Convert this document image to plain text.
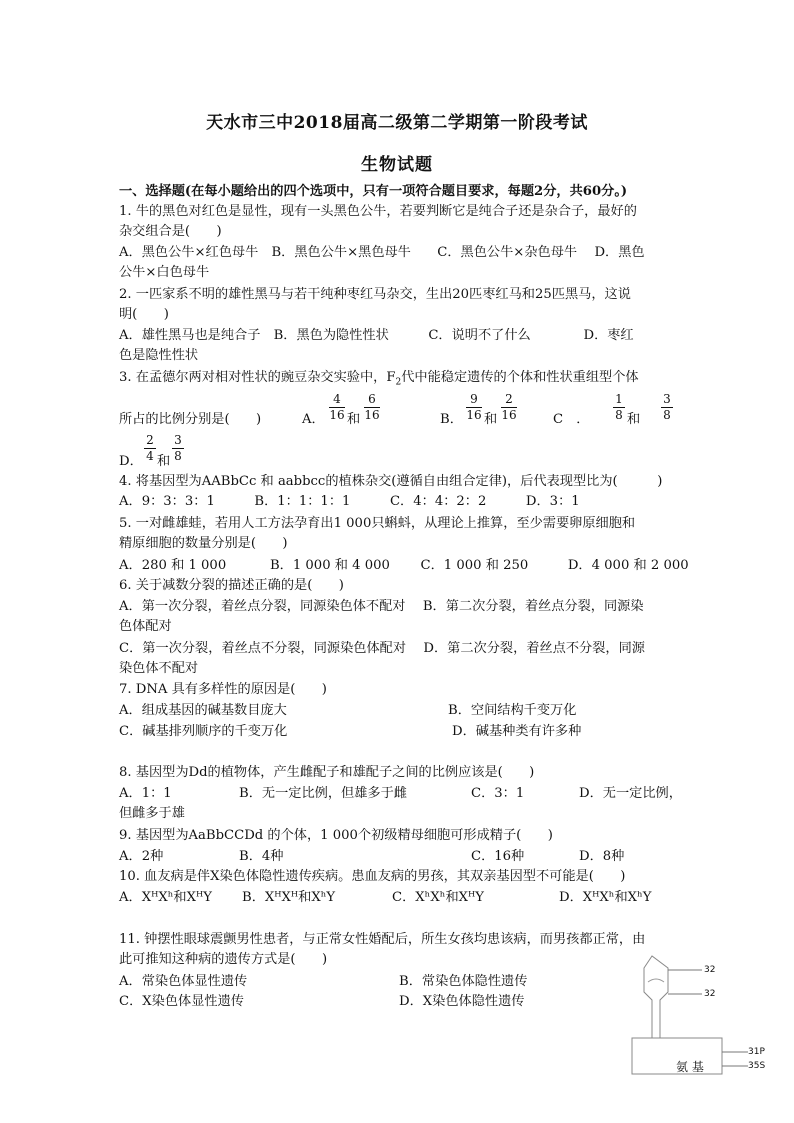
天水市三中2018届高二级第二学期第一阶段考试
生物试题
一、选择题(在每小题给出的四个选项中，只有一项符合题目要求，每题2分，共60分。)
1. 牛的黑色对红色是显性，现有一头黑色公牛，若要判断它是纯合子还是杂合子，最好的
杂交组合是(　　)
A．黑色公牛×红色母牛　B．黑色公牛×黑色母牛　　C．黑色公牛×杂色母牛　 D．黑色
公牛×白色母牛
2. 一匹家系不明的雄性黑马与若干纯种枣红马杂交，生出20匹枣红马和25匹黑马，这说
明(　　)
A．雄性黑马也是纯合子　B．黑色为隐性性状　　　C．说明不了什么　　　　D．枣红
色是隐性性状
3. 在孟德尔两对相对性状的豌豆杂交实验中，$F_2$代中能稳定遗传的个体和性状重组型个体
所占的比例分别是(　　)	A． $\frac{4}{16}$ 和 $\frac{6}{16}$	B． $\frac{9}{16}$ 和 $\frac{2}{16}$	C　． $\frac{1}{8}$ 和 $\frac{3}{8}$
D． $\frac{2}{4}$ 和 $\frac{3}{8}$
4. 将基因型为AABbCc 和 aabbcc的植株杂交(遵循自由组合定律)，后代表现型比为(　　　)
A．9：3：3：1　　　B．1：1：1：1　　　C．4：4：2：2　　　D．3：1
5. 一对雌雄蛙，若用人工方法孕育出1 000只蝌蚪，从理论上推算，至少需要卵原细胞和
精原细胞的数量分别是(　　)
A．280 和 1 000　　　 B．1 000 和 4 000　　 C．1 000 和 250　　　D．4 000 和 2 000
6. 关于减数分裂的描述正确的是(　　)
A．第一次分裂，着丝点分裂，同源染色体不配对　 B．第二次分裂，着丝点分裂，同源染
色体配对
C．第一次分裂，着丝点不分裂，同源染色体配对　 D．第二次分裂，着丝点不分裂，同源
染色体不配对
7. DNA 具有多样性的原因是(　　)
A．组成基因的碱基数目庞大	B．空间结构千变万化
C．碱基排列顺序的千变万化	D．碱基种类有许多种
8. 基因型为Dd的植物体，产生雌配子和雄配子之间的比例应该是(　　)
A．1：1	B．无一定比例，但雄多于雌	C．3：1	D．无一定比例，
但雌多于雄
9. 基因型为AaBbCCDd 的个体，1 000个初级精母细胞可形成精子(　　)
A．2种	B．4种	C．16种	D．8种
10. 血友病是伴X染色体隐性遗传疾病。患血友病的男孩，其双亲基因型不可能是(　　)
A．XᴴXʰ和XᴴY B．XᴴXᴴ和XʰY	C．XʰXʰ和XᴴY	D．XᴴXʰ和XʰY
11. 钟摆性眼球震颤男性患者，与正常女性婚配后，所生女孩均患该病，而男孩都正常，由
此可推知这种病的遗传方式是(　　)
A．常染色体显性遗传	B．常染色体隐性遗传
C．X染色体显性遗传	D．X染色体隐性遗传
32
32
31P
35S
氨 基
